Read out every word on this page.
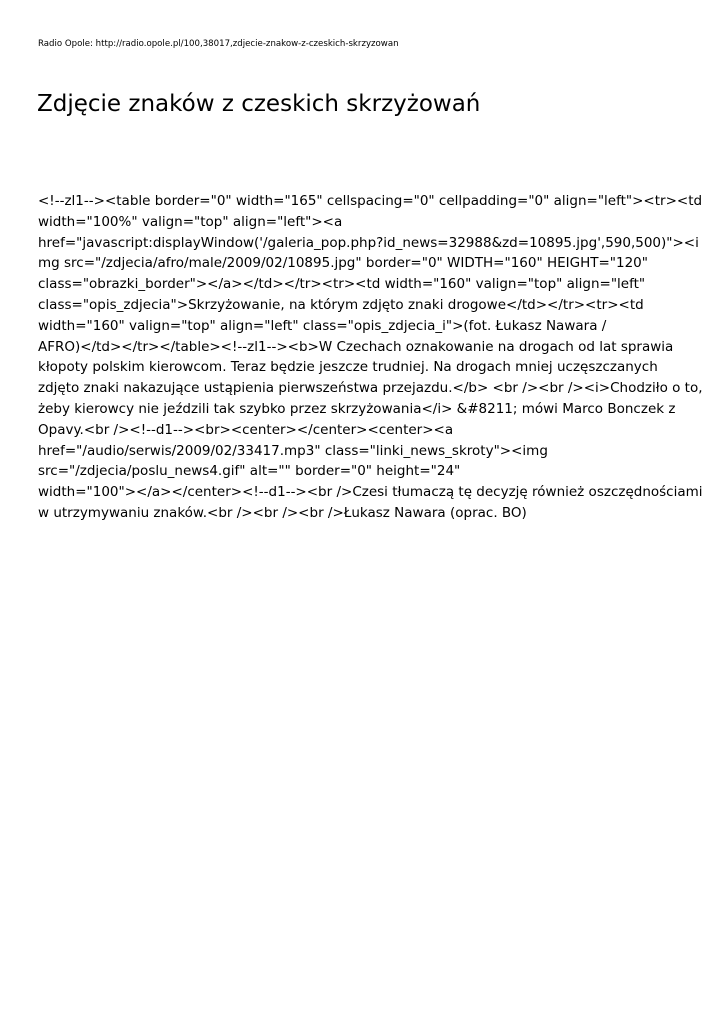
Radio Opole: http://radio.opole.pl/100,38017,zdjecie-znakow-z-czeskich-skrzyzowan
Zdjęcie znaków z czeskich skrzyżowań
<!--zl1--><table border="0" width="165" cellspacing="0" cellpadding="0" align="left"><tr><td
width="100%" valign="top" align="left"><a
href="javascript:displayWindow('/galeria_pop.php?id_news=32988&zd=10895.jpg',590,500)"><i
mg src="/zdjecia/afro/male/2009/02/10895.jpg" border="0" WIDTH="160" HEIGHT="120"
class="obrazki_border"></a></td></tr><tr><td width="160" valign="top" align="left"
class="opis_zdjecia">Skrzyżowanie, na którym zdjęto znaki drogowe</td></tr><tr><td
width="160" valign="top" align="left" class="opis_zdjecia_i">(fot. Łukasz Nawara /
AFRO)</td></tr></table><!--zl1--><b>W Czechach oznakowanie na drogach od lat sprawia
kłopoty polskim kierowcom. Teraz będzie jeszcze trudniej. Na drogach mniej uczęszczanych
zdjęto znaki nakazujące ustąpienia pierwszeństwa przejazdu.</b> <br /><br /><i>Chodziło o to,
żeby kierowcy nie jeździli tak szybko przez skrzyżowania</i> &#8211; mówi Marco Bonczek z
Opavy.<br /><!--d1--><br><center></center><center><a
href="/audio/serwis/2009/02/33417.mp3" class="linki_news_skroty"><img
src="/zdjecia/poslu_news4.gif" alt="" border="0" height="24"
width="100"></a></center><!--d1--><br />Czesi tłumaczą tę decyzję również oszczędnościami
w utrzymywaniu znaków.<br /><br /><br />Łukasz Nawara (oprac. BO)
